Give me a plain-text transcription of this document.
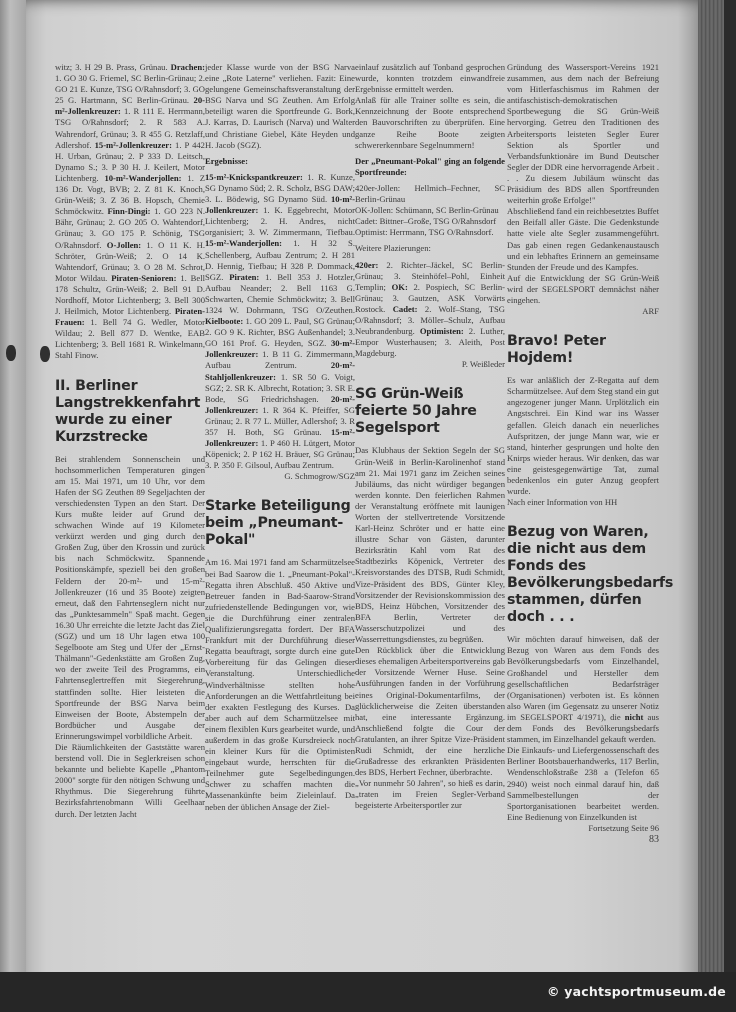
witz; 3. H 29 B. Prass, Grünau. Drachen: 1. GO 30 G. Friemel, SC Berlin-Grünau; 2. GO 21 E. Kunze, TSG O/Rahnsdorf; 3. GO 25 G. Hartmann, SC Berlin-Grünau. 20-m²-Jollenkreuzer: 1. R 111 E. Herrmann, TSG O/Rahnsdorf; 2. R 583 A. Wahrendorf, Grünau; 3. R 455 G. Retzlaff, Adlershof. 15-m²-Jollenkreuzer: 1. P 442 H. Urban, Grünau; 2. P 333 D. Leitsch, Dynamo S.; 3. P 30 H. J. Keilert, Motor Lichtenberg. 10-m²-Wanderjollen: 1. Z 136 Dr. Vogt, BVB; 2. Z 81 K. Knoch, Grün-Weiß; 3. Z 36 B. Hopsch, Chemie Schmöckwitz. Finn-Dingi: 1. GO 223 N. Bähr, Grünau; 2. GO 205 O. Wahtendorf, Grünau; 3. GO 175 P. Schönig, TSG O/Rahnsdorf. O-Jollen: 1. O 11 K. H. Schröter, Grün-Weiß; 2. O 14 K. Wahtendorf, Grünau; 3. O 28 M. Schrot, Motor Wildau. Piraten-Senioren: 1. Bell 178 Schultz, Grün-Weiß; 2. Bell 91 D. Nordhoff, Motor Lichtenberg; 3. Bell 300 J. Heilmich, Motor Lichtenberg. Piraten-Frauen: 1. Bell 74 G. Wedler, Motor Wildau; 2. Bell 877 D. Wentke, EAB Lichtenberg; 3. Bell 1681 R. Winkelmann, Stahl Finow.

II. Berliner Langstrekkenfahrt wurde zu einer Kurzstrecke

Bei strahlendem Sonnenschein und hochsommerlichen Temperaturen gingen am 15. Mai 1971, um 10 Uhr, vor dem Hafen der SG Zeuthen 89 Segeljachten der verschiedensten Typen an den Start. Der Kurs mußte leider auf Grund der schwachen Winde auf 19 Kilometer verkürzt werden und ging durch den Großen Zug, über den Krossin und zurück bis nach Schmöckwitz. Spannende Positionskämpfe, speziell bei den großen Feldern der 20-m²- und 15-m²-Jollenkreuzer (16 und 35 Boote) zeigten erneut, daß den Fahrtenseglern nicht nur das „Punktesammeln" Spaß macht. Gegen 16.30 Uhr erreichte die letzte Jacht das Ziel (SGZ) und um 18 Uhr lagen etwa 100 Segelboote am Steg und Ufer der „Ernst-Thälmann"-Gedenkstätte am Großen Zug, wo der zweite Teil des Programms, ein Fahrtenseglertreffen mit Siegerehrung, stattfinden sollte. Hier leisteten die Sportfreunde der BSG Narva beim Einweisen der Boote, Abstempeln der Bordbücher und Ausgabe der Erinnerungswimpel vorbildliche Arbeit.

Die Räumlichkeiten der Gaststätte waren berstend voll. Die in Seglerkreisen schon bekannte und beliebte Kapelle „Phantom 2000" sorgte für den nötigen Schwung und Rhythmus. Die Siegerehrung führte Bezirksfahrtenobmann Willi Geelhaar durch. Der letzten Jacht

jeder Klasse wurde von der BSG Narva eine „Rote Laterne" verliehen. Fazit: Eine gelungene Gemeinschaftsveranstaltung der BSG Narva und SG Zeuthen. Am Erfolg beteiligt waren die Sportfreunde G. Bork, J. Karras, D. Laurisch (Narva) und Walter und Christiane Giebel, Käte Heyden und H. Jacob (SGZ).

Ergebnisse:

15-m²-Knickspantkreuzer: 1. R. Kunze, SG Dynamo Süd; 2. R. Scholz, BSG DAW; 3. L. Bödewig, SG Dynamo Süd. 10-m²-Jollenkreuzer: 1. K. Eggebrecht, Motor Lichtenberg; 2. H. Andres, nicht organisiert; 3. W. Zimmermann, Tiefbau. 15-m²-Wanderjollen: 1. H 32 S. Schellenberg, Aufbau Zentrum; 2. H 281 D. Hennig, Tiefbau; H 328 P. Dommack, SGZ. Piraten: 1. Bell 353 J. Hotzler, Aufbau Neander; 2. Bell 1163 G. Schwarten, Chemie Schmöckwitz; 3. Bell 1324 W. Dohrmann, TSG O/Zeuthen. Kielboote: 1. GO 209 L. Paul, SG Grünau; 2. GO 9 K. Richter, BSG Außenhandel; 3. GO 161 Prof. G. Heyden, SGZ. 30-m²-Jollenkreuzer: 1. B 11 G. Zimmermann, Aufbau Zentrum.	20-m²-Stahljollenkreuzer: 1. SR 50 G. Voigt, SGZ; 2. SR K. Albrecht, Rotation; 3. SR E. Bode, SG Friedrichshagen. 20-m²-Jollenkreuzer: 1. R 364 K. Pfeiffer, SG Grünau; 2. R 77 L. Müller, Adlershof; 3. R 357 H. Both, SG Grünau. 15-m²-Jollenkreuzer: 1. P 460 H. Lütgert, Motor Köpenick; 2. P 162 H. Bräuer, SG Grünau; 3. P. 350 F. Gilsoul, Aufbau Zentrum.

G. Schmogrow/SGZ

Starke Beteiligung beim „Pneumant-Pokal"

Am 16. Mai 1971 fand am Scharmützelsee bei Bad Saarow die 1. „Pneumant-Pokal"-Regatta ihren Abschluß. 450 Aktive und Betreuer fanden in Bad-Saarow-Strand zufriedenstellende Bedingungen vor, wie sie die Durchführung einer zentralen Qualifizierungsregatta fordert. Der BFA Frankfurt mit der Durchführung dieser Regatta beauftragt, sorgte durch eine gute Vorbereitung für das Gelingen dieser Veranstaltung. Unterschiedliche Windverhältnisse stellten hohe Anforderungen an die Wettfahrtleitung bei der exakten Festlegung des Kurses. Da aber auch auf dem Scharmützelsee mit einem flexiblen Kurs gearbeitet wurde, und außerdem in das große Kursdreieck noch ein kleiner Kurs für die Optimisten eingebaut wurde, herrschten für die Teilnehmer gute Segelbedingungen. Schwer zu schaffen machten die Massenankünfte beim Zieleinlauf. Da neben der üblichen Ansage der Ziel-

einlauf zusätzlich auf Tonband gesprochen wurde, konnten trotzdem einwandfreie Ergebnisse ermittelt werden.

Anlaß für alle Trainer sollte es sein, die Kennzeichnung der Boote entsprechend den Bauvorschriften zu überprüfen. Eine ganze Reihe Boote zeigten schwererkennbare Segelnummern!

Der „Pneumant-Pokal" ging an folgende Sportfreunde:

420er-Jollen: Hellmich–Fechner, SC Berlin-Grünau

OK-Jollen: Schümann, SC Berlin-Grünau

Cadet: Bittner–Große, TSG O/Rahnsdorf

Optimist: Herrmann, TSG O/Rahnsdorf.

Weitere Plazierungen:

420er: 2. Richter–Jäckel, SC Berlin-Grünau; 3. Steinhöfel–Pohl, Einheit Templin; OK: 2. Pospiech, SC Berlin-Grünau; 3. Gautzen, ASK Vorwärts Rostock. Cadet: 2. Wolf–Stang, TSG O/Rahnsdorf; 3. Möller–Schulz, Aufbau Neubrandenburg. Optimisten: 2. Luther, Empor Wusterhausen; 3. Aleith, Post Magdeburg.

P. Weißleder

SG Grün-Weiß feierte 50 Jahre Segelsport

Das Klubhaus der Sektion Segeln der SG Grün-Weiß in Berlin-Karolinenhof stand am 21. Mai 1971 ganz im Zeichen seines Jubiläums, das nicht würdiger begangen werden konnte. Den feierlichen Rahmen der Veranstaltung eröffnete mit launigen Worten der stellvertretende Vorsitzende Karl-Heinz Schröter und er hatte eine illustre Schar von Gästen, darunter Bezirksrätin Kahl vom Rat des Stadtbezirks Köpenick, Vertreter des Kreisvorstandes des DTSB, Rudi Schmidt, Vize-Präsident des BDS, Günter Kley, Vorsitzender der Revisionskommission des BDS, Heinz Hübchen, Vorsitzender des BFA Berlin, Vertreter der Wasserschutzpolizei und des Wasserrettungsdienstes, zu begrüßen.

Den Rückblick über die Entwicklung dieses ehemaligen Arbeitersportvereins gab der Vorsitzende Werner Huse. Seine Ausführungen fanden in der Vorführung eines Original-Dokumentarfilms, der glücklicherweise die Zeiten überstanden hat, eine interessante Ergänzung. Anschließend folgte die Cour der Gratulanten, an ihrer Spitze Vize-Präsident Rudi Schmidt, der eine herzliche Grußadresse des erkrankten Präsidenten des BDS, Herbert Fechner, überbrachte.

„Vor nunmehr 50 Jahren", so hieß es darin, „traten im Freien Segler-Verband begeisterte Arbeitersportler zur

Gründung des Wassersport-Vereins 1921 zusammen, aus dem nach der Befreiung vom Hitlerfaschismus im Rahmen der antifaschistisch-demokratischen Sportbewegung die SG Grün-Weiß hervorging. Getreu den Traditionen des Arbeitersports leisteten Segler Eurer Sektion als Sportler und Verbandsfunktionäre im Bund Deutscher Segler der DDR eine hervorragende Arbeit . . . Zu diesem Jubiläum wünscht das Präsidium des BDS allen Sportfreunden weiterhin große Erfolge!"

Abschließend fand ein reichbesetztes Buffet den Beifall aller Gäste. Die Gedenkstunde hatte viele alte Segler zusammengeführt. Das gab einen regen Gedankenaustausch und ein lebhaftes Erinnern an gemeinsame Stunden der Freude und des Kampfes.

Auf die Entwicklung der SG Grün-Weiß wird der SEGELSPORT demnächst näher eingehen.

ARF

Bravo! Peter Hojdem!

Es war anläßlich der Z-Regatta auf dem Scharmützelsee. Auf dem Steg stand ein gut angezogener junger Mann. Urplötzlich ein Angstschrei. Ein Kind war ins Wasser gefallen. Gleich danach ein neuerliches Aufspritzen, der junge Mann war, wie er stand, hinterher gesprungen und holte den Knirps wieder heraus. Wir denken, das war eine geistesgegenwärtige Tat, zumal bedenkenlos ein guter Anzug geopfert wurde.

Nach einer Information von HH

Bezug von Waren, die nicht aus dem Fonds des Bevölkerungsbedarfs stammen, dürfen doch . . .

Wir möchten darauf hinweisen, daß der Bezug von Waren aus dem Fonds des Bevölkerungsbedarfs vom Einzelhandel, Großhandel und Hersteller dem gesellschaftlichen Bedarfsträger (Organisationen) verboten ist. Es können also Waren (im Gegensatz zu unserer Notiz im SEGELSPORT 4/1971), die nicht aus dem Fonds des Bevölkerungsbedarfs stammen, im Einzelhandel gekauft werden.

Die Einkaufs- und Liefergenossenschaft des Berliner Bootsbauerhandwerks, 117 Berlin, Wendenschloßstraße 238 a (Telefon 65 2940) weist noch einmal darauf hin, daß Sammelbestellungen der Sportorganisationen bearbeitet werden. Eine Bedienung von Einzelkunden ist

Fortsetzung Seite 96

83

© yachtsportmuseum.de
